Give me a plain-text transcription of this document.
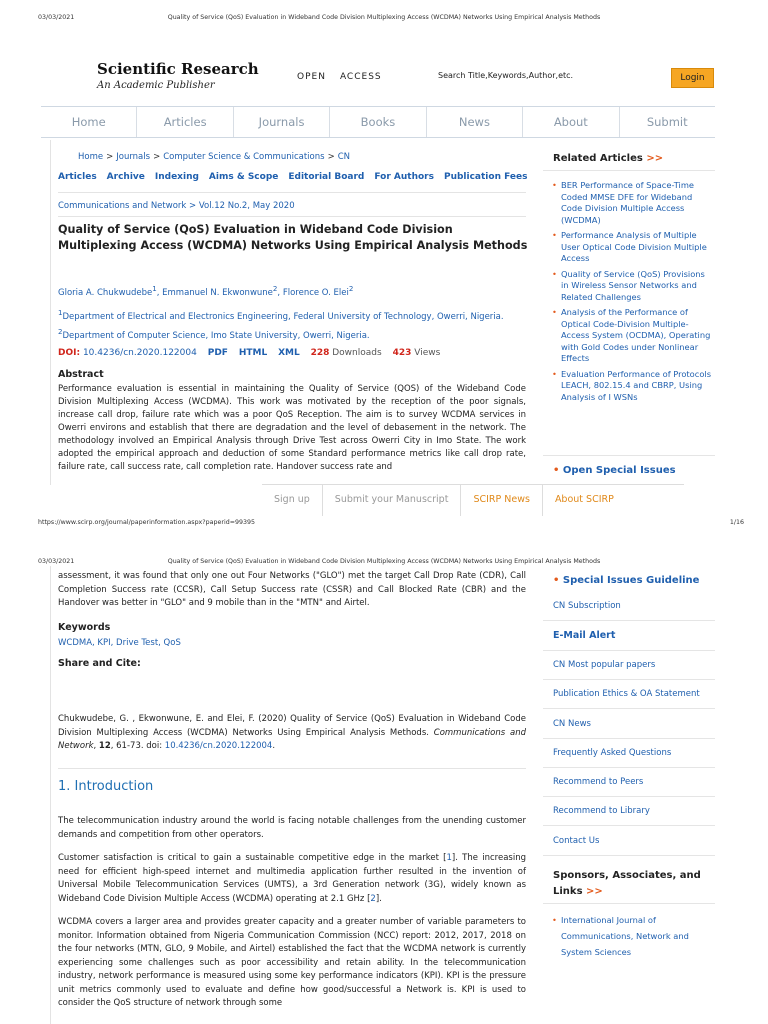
03/03/2021	Quality of Service (QoS) Evaluation in Wideband Code Division Multiplexing Access (WCDMA) Networks Using Empirical Analysis Methods
Scientific Research
An Academic Publisher
OPEN ACCESS	Search Title,Keywords,Author,etc.	Login
Home	Articles	Journals	Books	News	About	Submit
Home > Journals > Computer Science & Communications > CN
Articles Archive Indexing Aims & Scope Editorial Board For Authors Publication Fees
Communications and Network > Vol.12 No.2, May 2020
Quality of Service (QoS) Evaluation in Wideband Code Division Multiplexing Access (WCDMA) Networks Using Empirical Analysis Methods
Gloria A. Chukwudebe$^1$, Emmanuel N. Ekwonwune$^2$, Florence O. Elei$^2$
$^1$Department of Electrical and Electronics Engineering, Federal University of Technology, Owerri, Nigeria.
$^2$Department of Computer Science, Imo State University, Owerri, Nigeria.
DOI: 10.4236/cn.2020.122004 PDF HTML XML 228 Downloads 423 Views
Abstract
Performance evaluation is essential in maintaining the Quality of Service (QOS) of the Wideband Code Division Multiplexing Access (WCDMA). This work was motivated by the reception of the poor signals, increase call drop, failure rate which was a poor QoS Reception. The aim is to survey WCDMA services in Owerri environs and establish that there are degradation and the level of debasement in the network. The methodology involved an Empirical Analysis through Drive Test across Owerri City in Imo State. The work adopted the empirical approach and deduction of some Standard performance metrics like call drop rate, failure rate, call success rate, call completion rate. Handover success rate and
Sign up	Submit your Manuscript	SCIRP News	About SCIRP
Related Articles >>
• BER Performance of Space-Time Coded MMSE DFE for Wideband Code Division Multiple Access (WCDMA)
• Performance Analysis of Multiple User Optical Code Division Multiple Access
• Quality of Service (QoS) Provisions in Wireless Sensor Networks and Related Challenges
• Analysis of the Performance of Optical Code-Division Multiple-Access System (OCDMA), Operating with Gold Codes under Nonlinear Effects
• Evaluation Performance of Protocols LEACH, 802.15.4 and CBRP, Using Analysis of I WSNs
• Open Special Issues
https://www.scirp.org/journal/paperinformation.aspx?paperid=99395	1/16
03/03/2021	Quality of Service (QoS) Evaluation in Wideband Code Division Multiplexing Access (WCDMA) Networks Using Empirical Analysis Methods
assessment, it was found that only one out Four Networks ("GLO") met the target Call Drop Rate (CDR), Call Completion Success rate (CCSR), Call Setup Success rate (CSSR) and Call Blocked Rate (CBR) and the Handover was better in "GLO" and 9 mobile than in the "MTN" and Airtel.
Keywords
WCDMA, KPI, Drive Test, QoS
Share and Cite:
Chukwudebe, G. , Ekwonwune, E. and Elei, F. (2020) Quality of Service (QoS) Evaluation in Wideband Code Division Multiplexing Access (WCDMA) Networks Using Empirical Analysis Methods. Communications and Network, 12, 61-73. doi: 10.4236/cn.2020.122004.
1. Introduction
The telecommunication industry around the world is facing notable challenges from the unending customer demands and competition from other operators.
Customer satisfaction is critical to gain a sustainable competitive edge in the market [1]. The increasing need for efficient high-speed internet and multimedia application further resulted in the invention of Universal Mobile Telecommunication Services (UMTS), a 3rd Generation network (3G), widely known as Wideband Code Division Multiple Access (WCDMA) operating at 2.1 GHz [2].
WCDMA covers a larger area and provides greater capacity and a greater number of variable parameters to monitor. Information obtained from Nigeria Communication Commission (NCC) report: 2012, 2017, 2018 on the four networks (MTN, GLO, 9 Mobile, and Airtel) established the fact that the WCDMA network is currently experiencing some challenges such as poor accessibility and retain ability. In the telecommunication industry, network performance is measured using some key performance indicators (KPI). KPI is the pressure unit metrics commonly used to evaluate and define how good/successful a Network is. KPI is used to consider the QoS structure of network through some
• Special Issues Guideline
CN Subscription
E-Mail Alert
CN Most popular papers
Publication Ethics & OA Statement
CN News
Frequently Asked Questions
Recommend to Peers
Recommend to Library
Contact Us
Sponsors, Associates, and Links >>
• International Journal of Communications, Network and System Sciences
